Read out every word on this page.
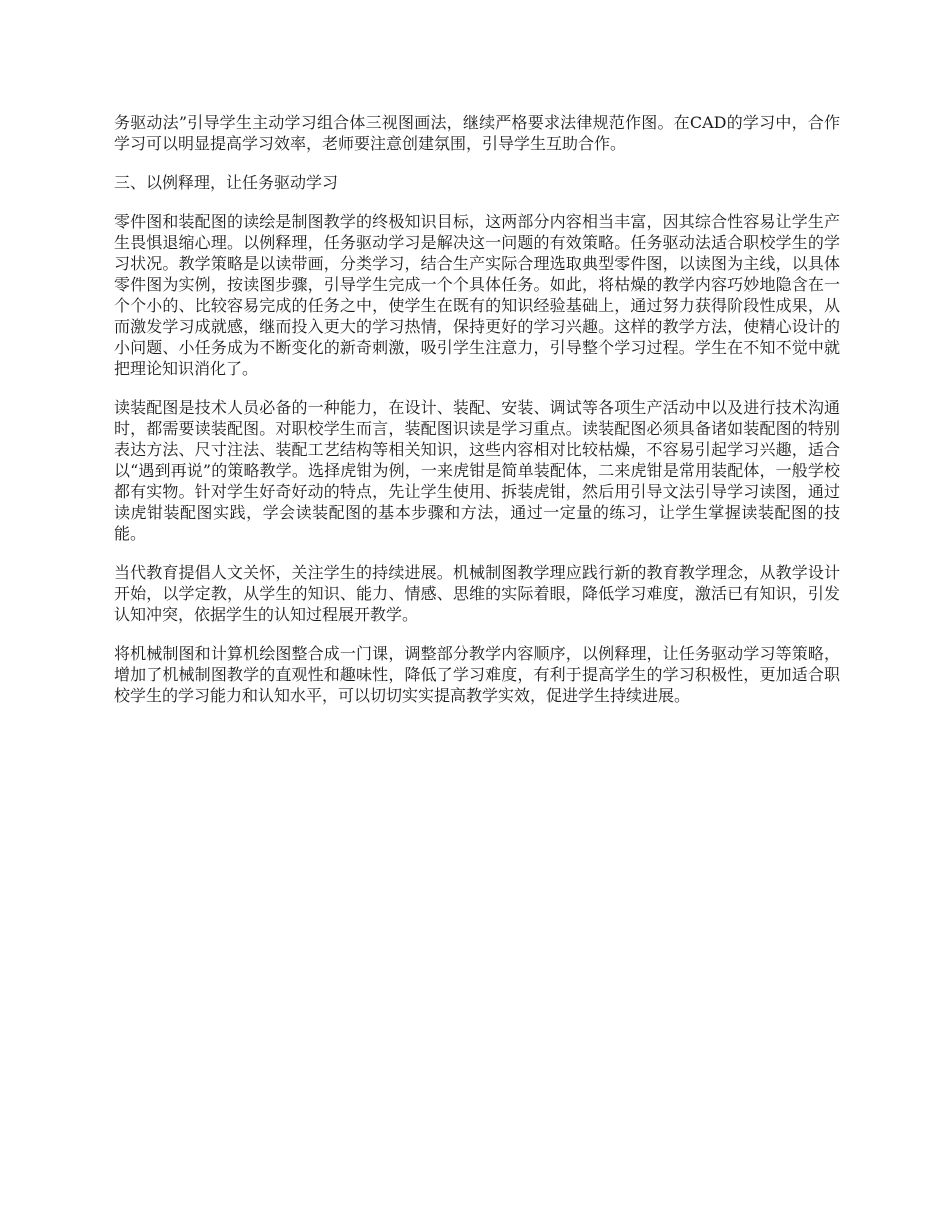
务驱动法”引导学生主动学习组合体三视图画法，继续严格要求法律规范作图。在CAD的学习中，合作学习可以明显提高学习效率，老师要注意创建氛围，引导学生互助合作。

三、以例释理，让任务驱动学习

零件图和装配图的读绘是制图教学的终极知识目标，这两部分内容相当丰富，因其综合性容易让学生产生畏惧退缩心理。以例释理，任务驱动学习是解决这一问题的有效策略。任务驱动法适合职校学生的学习状况。教学策略是以读带画，分类学习，结合生产实际合理选取典型零件图，以读图为主线，以具体零件图为实例，按读图步骤，引导学生完成一个个具体任务。如此，将枯燥的教学内容巧妙地隐含在一个个小的、比较容易完成的任务之中，使学生在既有的知识经验基础上，通过努力获得阶段性成果，从而激发学习成就感，继而投入更大的学习热情，保持更好的学习兴趣。这样的教学方法，使精心设计的小问题、小任务成为不断变化的新奇刺激，吸引学生注意力，引导整个学习过程。学生在不知不觉中就把理论知识消化了。

读装配图是技术人员必备的一种能力，在设计、装配、安装、调试等各项生产活动中以及进行技术沟通时，都需要读装配图。对职校学生而言，装配图识读是学习重点。读装配图必须具备诸如装配图的特别表达方法、尺寸注法、装配工艺结构等相关知识，这些内容相对比较枯燥，不容易引起学习兴趣，适合以“遇到再说”的策略教学。选择虎钳为例，一来虎钳是简单装配体，二来虎钳是常用装配体，一般学校都有实物。针对学生好奇好动的特点，先让学生使用、拆装虎钳，然后用引导文法引导学习读图，通过读虎钳装配图实践，学会读装配图的基本步骤和方法，通过一定量的练习，让学生掌握读装配图的技能。

当代教育提倡人文关怀，关注学生的持续进展。机械制图教学理应践行新的教育教学理念，从教学设计开始，以学定教，从学生的知识、能力、情感、思维的实际着眼，降低学习难度，激活已有知识，引发认知冲突，依据学生的认知过程展开教学。

将机械制图和计算机绘图整合成一门课，调整部分教学内容顺序，以例释理，让任务驱动学习等策略，增加了机械制图教学的直观性和趣味性，降低了学习难度，有利于提高学生的学习积极性，更加适合职校学生的学习能力和认知水平，可以切切实实提高教学实效，促进学生持续进展。
